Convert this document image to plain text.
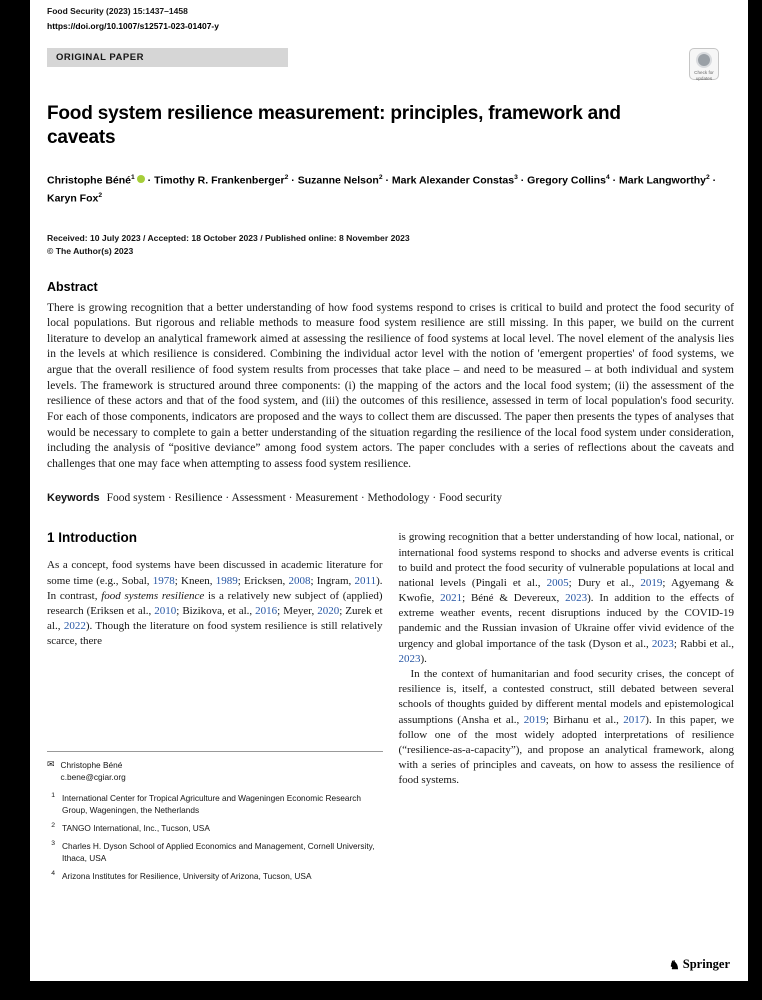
Food Security (2023) 15:1437–1458
https://doi.org/10.1007/s12571-023-01407-y
ORIGINAL PAPER
Check for
updates
Food system resilience measurement: principles, framework and caveats
Christophe Béné$^1$ · Timothy R. Frankenberger$^2$ · Suzanne Nelson$^2$ · Mark Alexander Constas$^3$ · Gregory Collins$^4$ · Mark Langworthy$^2$ · Karyn Fox$^2$
Received: 10 July 2023 / Accepted: 18 October 2023 / Published online: 8 November 2023
© The Author(s) 2023
Abstract

There is growing recognition that a better understanding of how food systems respond to crises is critical to build and protect the food security of local populations. But rigorous and reliable methods to measure food system resilience are still missing. In this paper, we build on the current literature to develop an analytical framework aimed at assessing the resilience of food systems at local level. The novel element of the analysis lies in the levels at which resilience is considered. Combining the individual actor level with the notion of 'emergent properties' of food systems, we argue that the overall resilience of food system results from processes that take place – and need to be measured – at both individual and system levels. The framework is structured around three components: (i) the mapping of the actors and the local food system; (ii) the assessment of the resilience of these actors and that of the food system, and (iii) the outcomes of this resilience, assessed in term of local population's food security. For each of those components, indicators are proposed and the ways to collect them are discussed. The paper then presents the types of analyses that would be necessary to complete to gain a better understanding of the situation regarding the resilience of the local food system under consideration, including the analysis of “positive deviance” among food system actors. The paper concludes with a series of reflections about the caveats and challenges that one may face when attempting to assess food system resilience.

Keywords Food system · Resilience · Assessment · Measurement · Methodology · Food security
1 Introduction

As a concept, food systems have been discussed in academic literature for some time (e.g., Sobal, 1978; Kneen, 1989; Ericksen, 2008; Ingram, 2011). In contrast, food systems resilience is a relatively new subject of (applied) research (Eriksen et al., 2010; Bizikova, et al., 2016; Meyer, 2020; Zurek et al., 2022). Though the literature on food system resilience is still relatively scarce, there

✉ Christophe Béné
c.bene@cgiar.org
1 International Center for Tropical Agriculture and Wageningen Economic Research Group, Wageningen, the Netherlands
2 TANGO International, Inc., Tucson, USA
3 Charles H. Dyson School of Applied Economics and Management, Cornell University, Ithaca, USA
4 Arizona Institutes for Resilience, University of Arizona, Tucson, USA

is growing recognition that a better understanding of how local, national, or international food systems respond to shocks and adverse events is critical to build and protect the food security of vulnerable populations at local and national levels (Pingali et al., 2005; Dury et al., 2019; Agyemang & Kwofie, 2021; Béné & Devereux, 2023). In addition to the effects of extreme weather events, recent disruptions induced by the COVID-19 pandemic and the Russian invasion of Ukraine offer vivid evidence of the urgency and global importance of the task (Dyson et al., 2023; Rabbi et al., 2023).

In the context of humanitarian and food security crises, the concept of resilience is, itself, a contested construct, still debated between several schools of thoughts guided by different mental models and epistemological assumptions (Ansha et al., 2019; Birhanu et al., 2017). In this paper, we follow one of the most widely adopted interpretations of resilience (“resilience-as-a-capacity”), and propose an analytical framework, along with a series of principles and caveats, on how to assess the resilience of food systems.

♞ Springer
